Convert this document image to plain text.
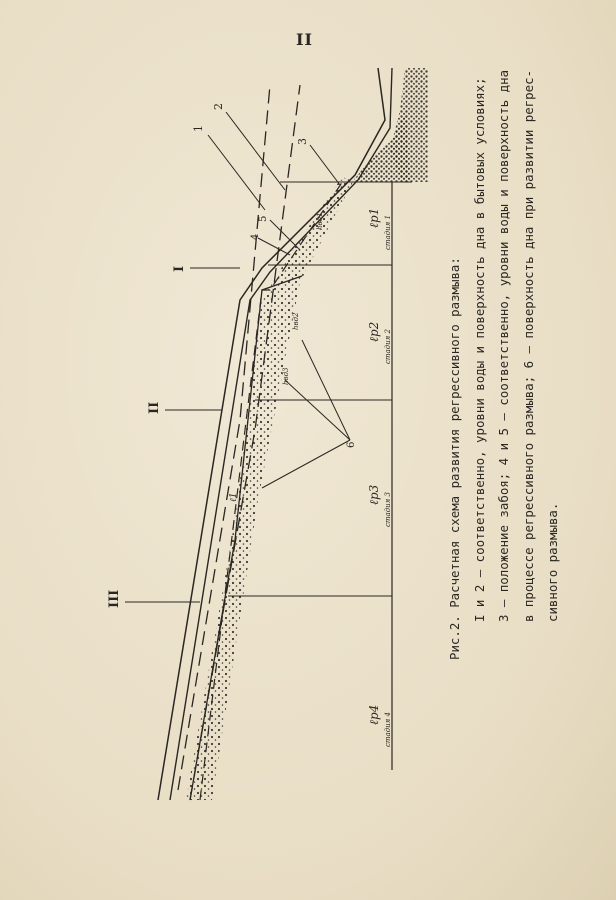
II
1
2
3
4
5
6
I
II
III
ℓр1 стадия 1
ℓр2 стадия 2
ℓр3 стадия 3
ℓр4 стадия 4
hвд1
hвд2
hвд3
ℓ1	Рис.2. Расчетная схема развития регрессивного размыва: I и 2 – соответственно, уровни воды и поверхность дна в бытовых условиях; 3 – положение забоя; 4 и 5 – соответственно, уровни воды и поверхность дна в процессе регрессивного размыва; 6 – поверхность дна при развитии регрес- сивного размыва.
